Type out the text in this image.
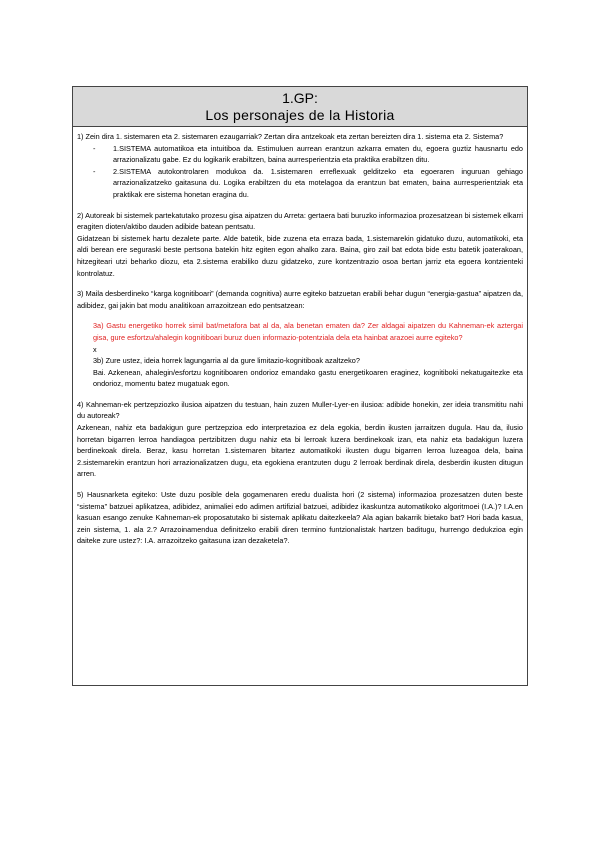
1.GP:
Los personajes de la Historia

1) Zein dira 1. sistemaren eta 2. sistemaren ezaugarriak? Zertan dira antzekoak eta zertan bereizten dira 1. sistema eta 2. Sistema?

- 1.SISTEMA automatikoa eta intuitiboa da. Estimuluen aurrean erantzun azkarra ematen du, egoera guztiz hausnartu edo arrazionalizatu gabe. Ez du logikarik erabiltzen, baina aurresperientzia eta praktika erabiltzen ditu.
- 2.SISTEMA autokontrolaren modukoa da. 1.sistemaren erreflexuak gelditzeko eta egoeraren inguruan gehiago arrazionalizatzeko gaitasuna du. Logika erabiltzen du eta motelagoa da erantzun bat ematen, baina aurresperientziak eta praktikak ere sistema honetan eragina du.

2) Autoreak bi sistemek partekatutako prozesu gisa aipatzen du Arreta: gertaera bati buruzko informazioa prozesatzean bi sistemek elkarri eragiten dioten/aktibo dauden adibide batean pentsatu.

Gidatzean bi sistemek hartu dezalete parte. Alde batetik, bide zuzena eta erraza bada, 1.sistemarekin gidatuko duzu, automatikoki, eta aldi berean ere seguraski beste pertsona batekin hitz egiten egon ahalko zara. Baina, giro zail bat edota bide estu batetik joaterakoan, hitzegiteari utzi beharko diozu, eta 2.sistema erabiliko duzu gidatzeko, zure kontzentrazio osoa bertan jarriz eta egoera kontzienteki kontrolatuz.

3) Maila desberdineko “karga kognitiboari” (demanda cognitiva) aurre egiteko batzuetan erabili behar dugun “energia-gastua” aipatzen da, adibidez, gai jakin bat modu analitikoan arrazoitzean edo pentsatzean:

3a) Gastu energetiko horrek simil bat/metafora bat al da, ala benetan ematen da? Zer aldagai aipatzen du Kahneman-ek aztergai gisa, gure esfortzu/ahalegin kognitiboari buruz duen informazio-potentziala dela eta hainbat arazoei aurre egiteko?

x

3b) Zure ustez, ideia horrek lagungarria al da gure limitazio-kognitiboak azaltzeko?

Bai. Azkenean, ahalegin/esfortzu kognitiboaren ondorioz emandako gastu energetikoaren eraginez, kognitiboki nekatugaitezke eta ondorioz, momentu batez mugatuak egon.

4) Kahneman-ek pertzepziozko ilusioa aipatzen du testuan, hain zuzen Muller-Lyer-en ilusioa: adibide honekin, zer ideia transmititu nahi du autoreak?

Azkenean, nahiz eta badakigun gure pertzepzioa edo interpretazioa ez dela egokia, berdin ikusten jarraitzen dugula. Hau da, ilusio horretan bigarren lerroa handiagoa pertzibitzen dugu nahiz eta bi lerroak luzera berdinekoak izan, eta nahiz eta badakigun luzera berdinekoak direla. Beraz, kasu horretan 1.sistemaren bitartez automatikoki ikusten dugu bigarren lerroa luzeagoa dela, baina 2.sistemarekin erantzun hori arrazionalizatzen dugu, eta egokiena erantzuten dugu 2 lerroak berdinak direla, desberdin ikusten ditugun arren.

5) Hausnarketa egiteko: Uste duzu posible dela gogamenaren eredu dualista hori (2 sistema) informazioa prozesatzen duten beste “sistema” batzuei aplikatzea, adibidez, animaliei edo adimen artifizial batzuei, adibidez ikaskuntza automatikoko algoritmoei (I.A.)? I.A.en kasuan esango zenuke Kahneman-ek proposatutako bi sistemak aplikatu daitezkeela? Ala agian bakarrik bietako bat? Hori bada kasua, zein sistema, 1. ala 2.? Arrazoinamendua definitzeko erabili diren termino funtzionalistak hartzen baditugu, hurrengo dedukzioa egin daiteke zure ustez?: I.A. arrazoitzeko gaitasuna izan dezaketela?.
